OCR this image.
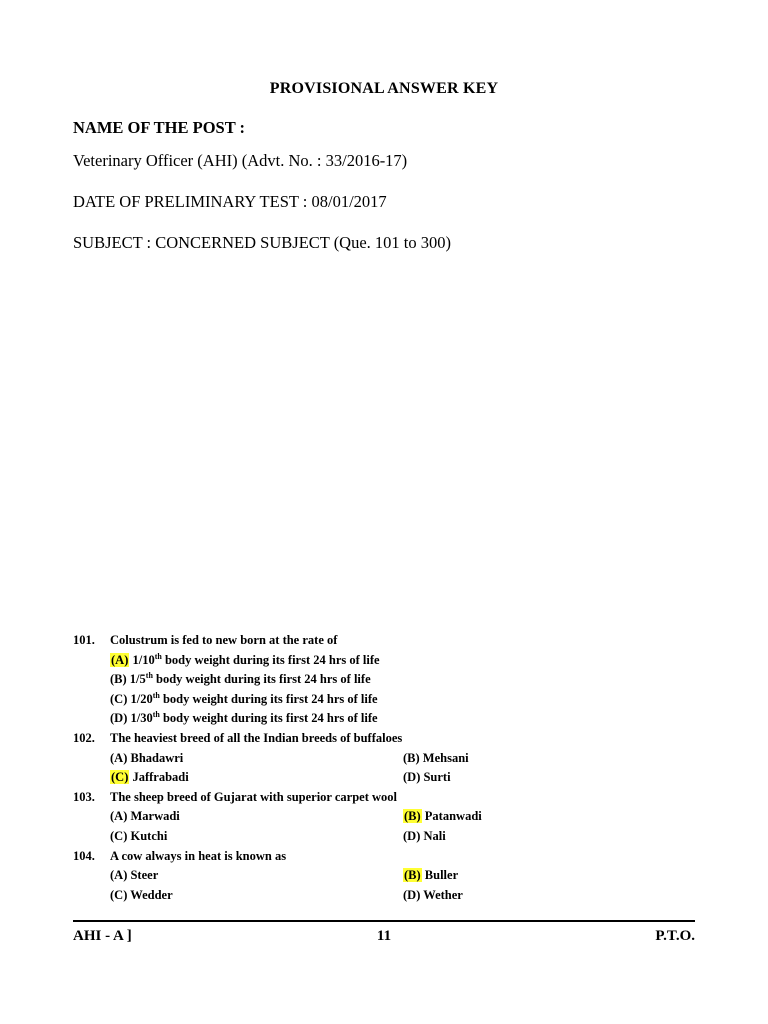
PROVISIONAL ANSWER KEY
NAME OF THE POST :
Veterinary Officer (AHI) (Advt. No. : 33/2016-17)
DATE OF PRELIMINARY TEST : 08/01/2017
SUBJECT : CONCERNED SUBJECT (Que. 101 to 300)
101.	Colustrum is fed to new born at the rate of
(A) 1/10th body weight during its first 24 hrs of life
(B) 1/5th body weight during its first 24 hrs of life
(C) 1/20th body weight during its first 24 hrs of life
(D) 1/30th body weight during its first 24 hrs of life
102.	The heaviest breed of all the Indian breeds of buffaloes
(A) Bhadawri	(B) Mehsani
(C) Jaffrabadi	(D) Surti
103.	The sheep breed of Gujarat with superior carpet wool
(A) Marwadi	(B) Patanwadi
(C) Kutchi	(D) Nali
104.	A cow always in heat is known as
(A) Steer	(B) Buller
(C) Wedder	(D) Wether
AHI - A ]	11	P.T.O.
